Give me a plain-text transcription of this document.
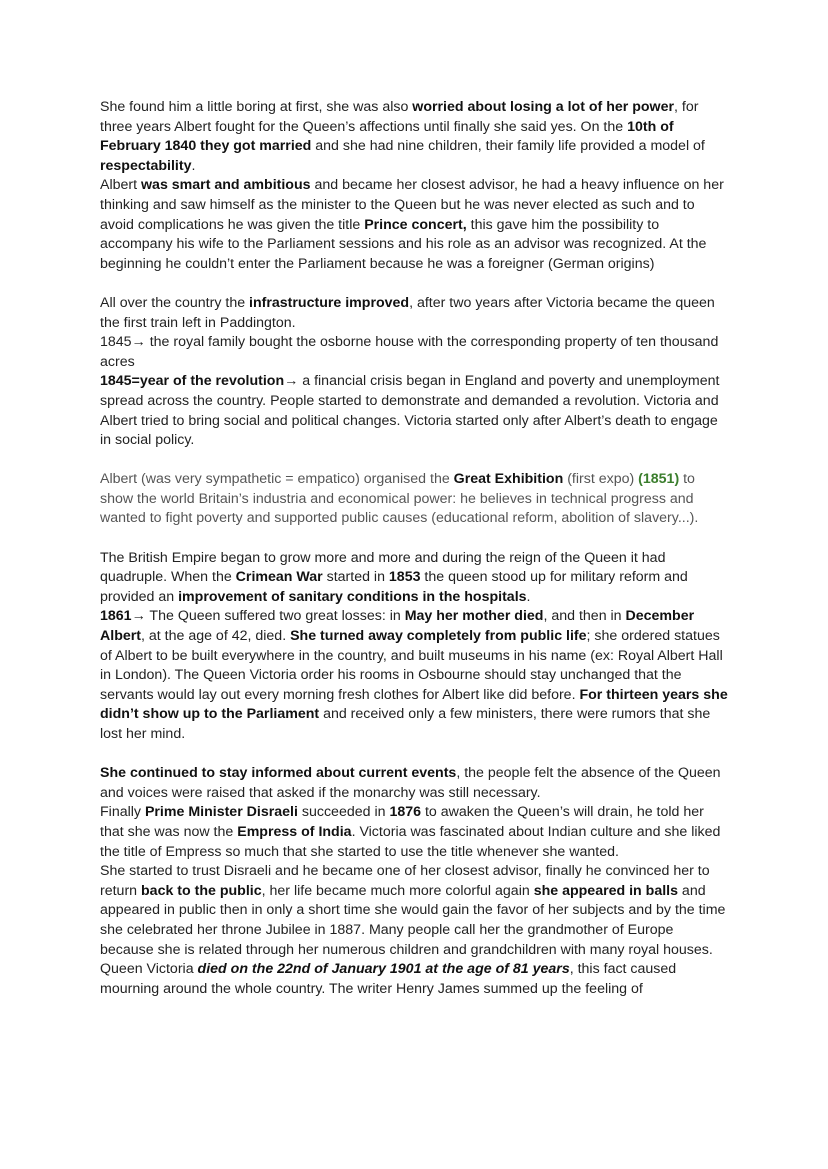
She found him a little boring at first, she was also worried about losing a lot of her power, for three years Albert fought for the Queen’s affections until finally she said yes. On the 10th of February 1840 they got married and she had nine children, their family life provided a model of respectability.

Albert was smart and ambitious and became her closest advisor, he had a heavy influence on her thinking and saw himself as the minister to the Queen but he was never elected as such and to avoid complications he was given the title Prince concert, this gave him the possibility to accompany his wife to the Parliament sessions and his role as an advisor was recognized. At the beginning he couldn’t enter the Parliament because he was a foreigner (German origins)

All over the country the infrastructure improved, after two years after Victoria became the queen the first train left in Paddington.

1845→ the royal family bought the osborne house with the corresponding property of ten thousand acres

1845=year of the revolution→ a financial crisis began in England and poverty and unemployment spread across the country. People started to demonstrate and demanded a revolution. Victoria and Albert tried to bring social and political changes. Victoria started only after Albert’s death to engage in social policy.

Albert (was very sympathetic = empatico) organised the Great Exhibition (first expo) (1851) to show the world Britain’s industria and economical power: he believes in technical progress and wanted to fight poverty and supported public causes (educational reform, abolition of slavery...).

The British Empire began to grow more and more and during the reign of the Queen it had quadruple. When the Crimean War started in 1853 the queen stood up for military reform and provided an improvement of sanitary conditions in the hospitals.

1861→ The Queen suffered two great losses: in May her mother died, and then in December Albert, at the age of 42, died. She turned away completely from public life; she ordered statues of Albert to be built everywhere in the country, and built museums in his name (ex: Royal Albert Hall in London). The Queen Victoria order his rooms in Osbourne should stay unchanged that the servants would lay out every morning fresh clothes for Albert like did before. For thirteen years she didn’t show up to the Parliament and received only a few ministers, there were rumors that she lost her mind.

She continued to stay informed about current events, the people felt the absence of the Queen and voices were raised that asked if the monarchy was still necessary.

Finally Prime Minister Disraeli succeeded in 1876 to awaken the Queen’s will drain, he told her that she was now the Empress of India. Victoria was fascinated about Indian culture and she liked the title of Empress so much that she started to use the title whenever she wanted.

She started to trust Disraeli and he became one of her closest advisor, finally he convinced her to return back to the public, her life became much more colorful again she appeared in balls and appeared in public then in only a short time she would gain the favor of her subjects and by the time she celebrated her throne Jubilee in 1887. Many people call her the grandmother of Europe because she is related through her numerous children and grandchildren with many royal houses.

Queen Victoria died on the 22nd of January 1901 at the age of 81 years, this fact caused mourning around the whole country. The writer Henry James summed up the feeling of
